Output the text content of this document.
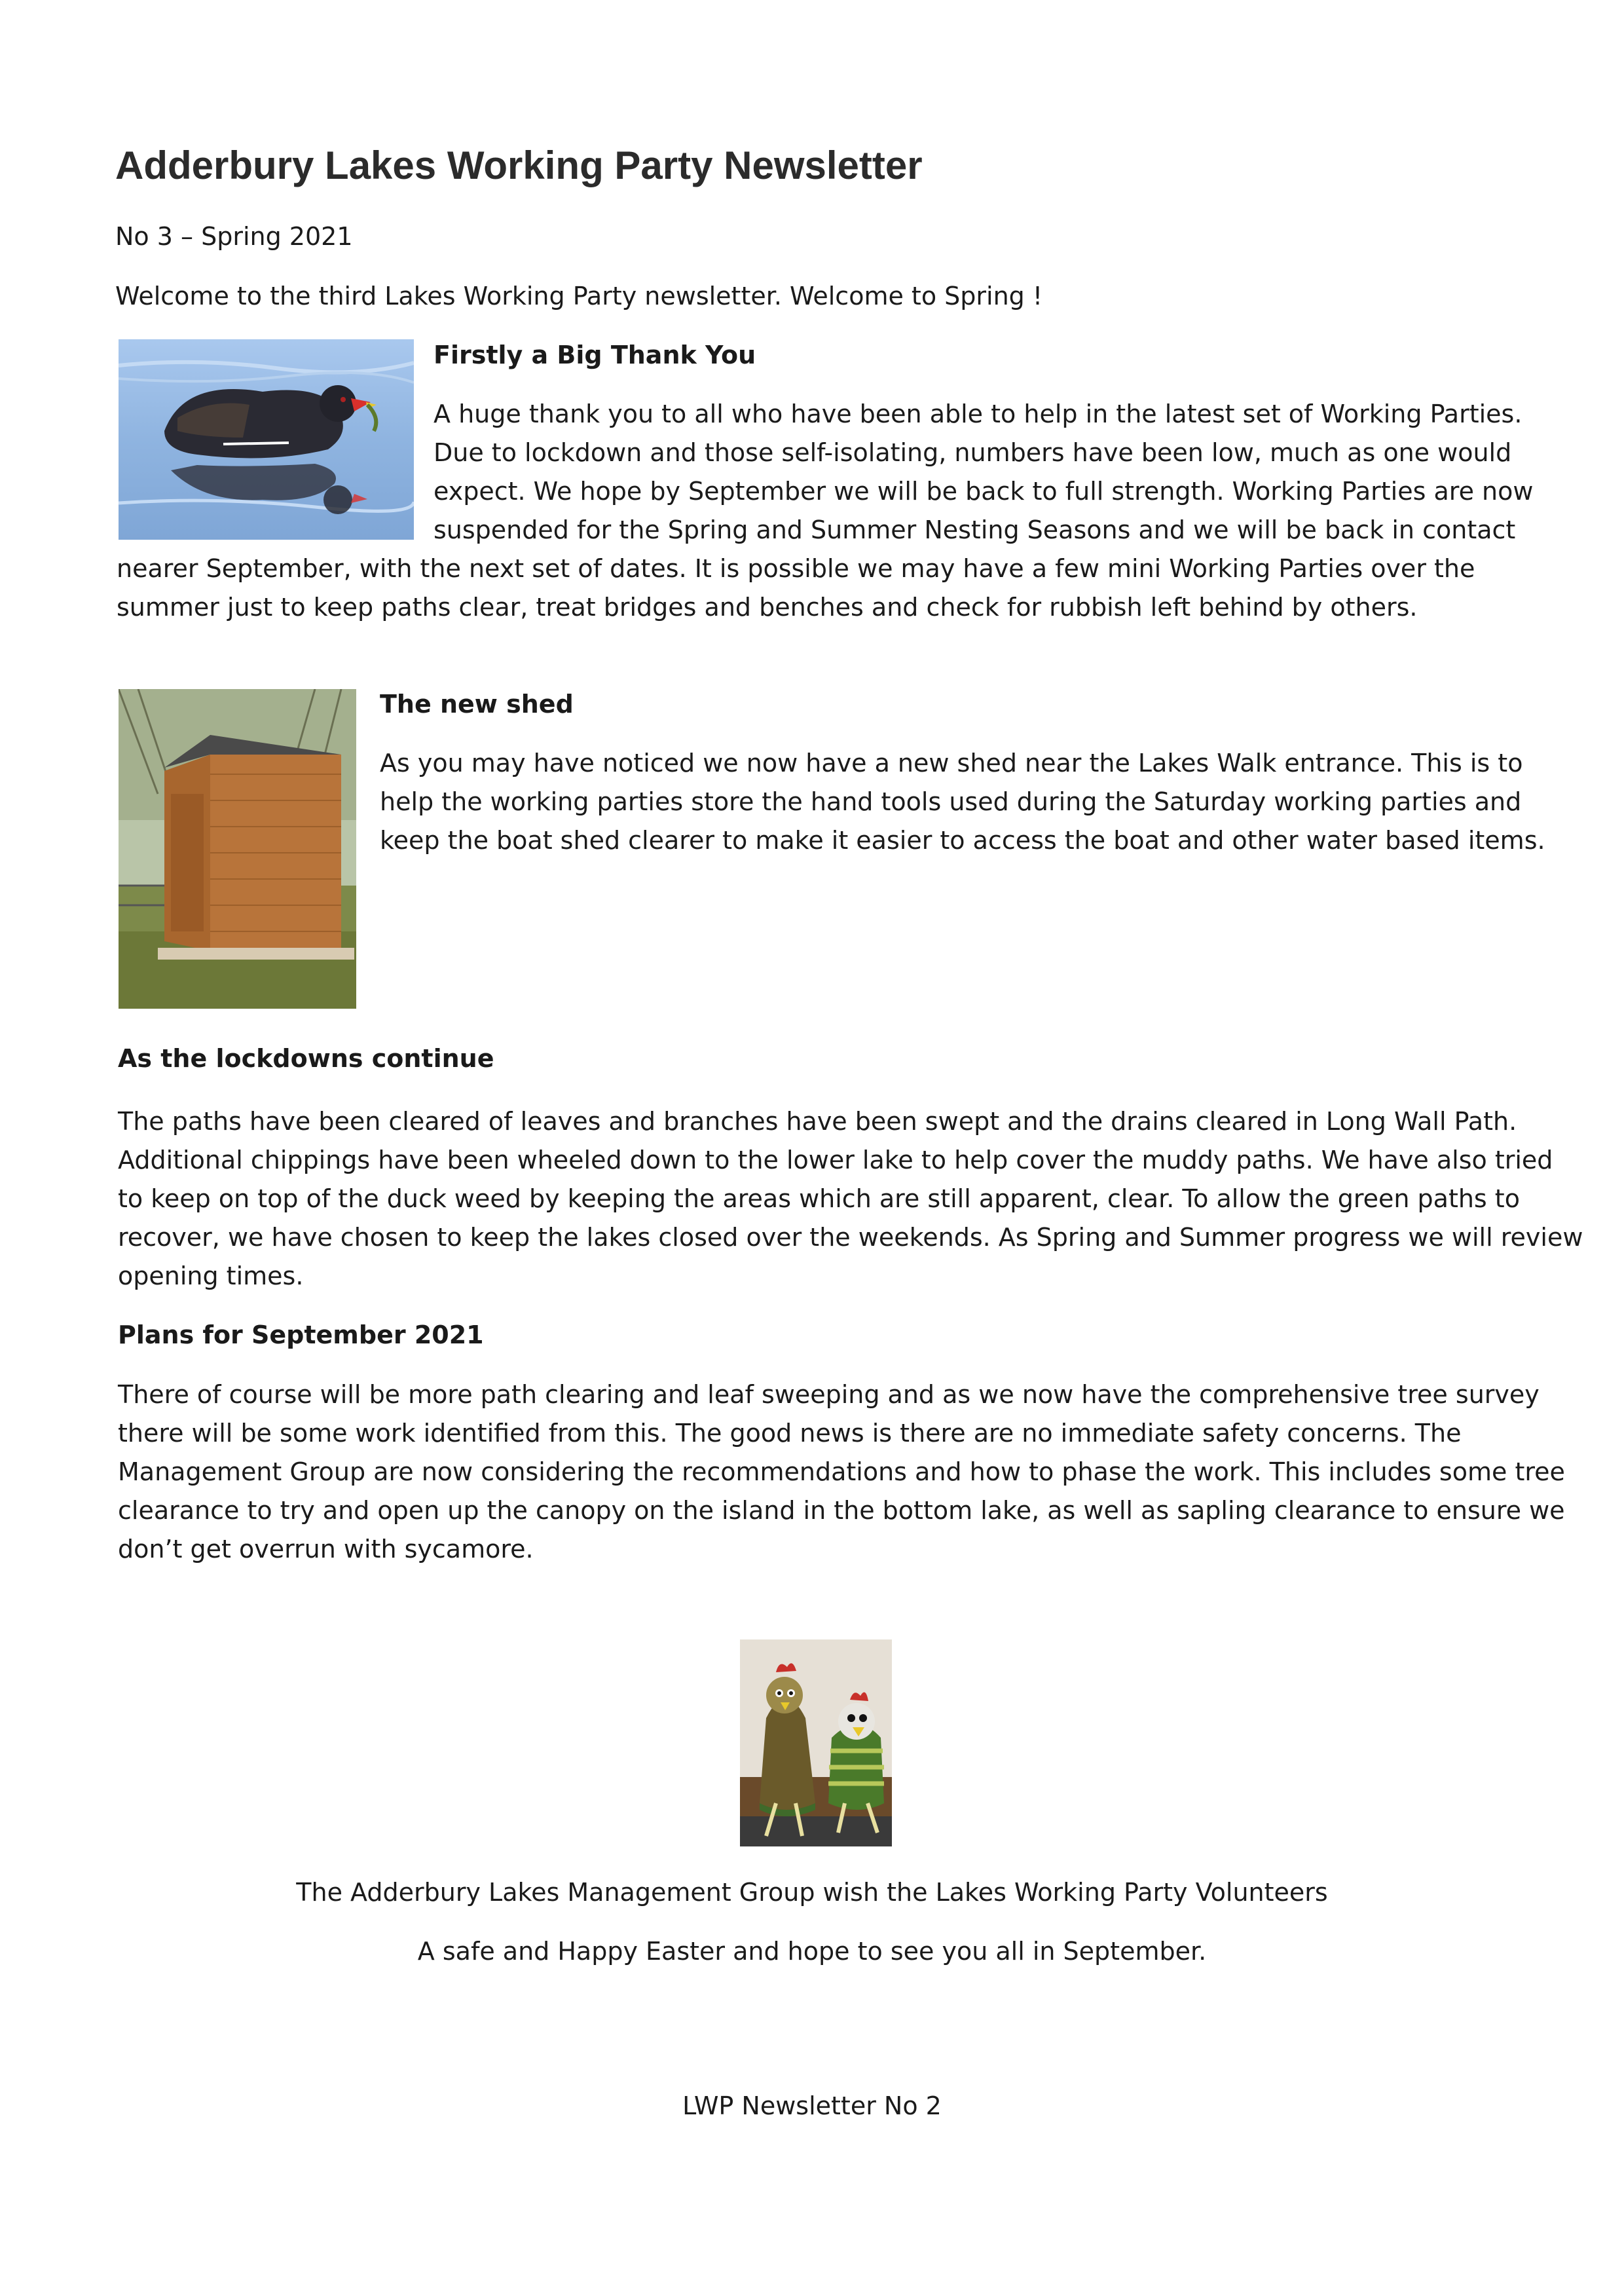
Adderbury Lakes Working Party Newsletter

No 3 – Spring 2021

Welcome to the third Lakes Working Party newsletter. Welcome to Spring !

Firstly a Big Thank You
A huge thank you to all who have been able to help in the latest set of Working Parties.
Due to lockdown and those self-isolating, numbers have been low, much as one would
expect. We hope by September we will be back to full strength. Working Parties are now
suspended for the Spring and Summer Nesting Seasons and we will be back in contact
nearer September, with the next set of dates. It is possible we may have a few mini Working Parties over the
summer just to keep paths clear, treat bridges and benches and check for rubbish left behind by others.
The new shed
As you may have noticed we now have a new shed near the Lakes Walk entrance. This is to
help the working parties store the hand tools used during the Saturday working parties and
keep the boat shed clearer to make it easier to access the boat and other water based items.
As the lockdowns continue
The paths have been cleared of leaves and branches have been swept and the drains cleared in Long Wall Path.
Additional chippings have been wheeled down to the lower lake to help cover the muddy paths. We have also tried
to keep on top of the duck weed by keeping the areas which are still apparent, clear. To allow the green paths to
recover, we have chosen to keep the lakes closed over the weekends. As Spring and Summer progress we will review
opening times.
Plans for September 2021
There of course will be more path clearing and leaf sweeping and as we now have the comprehensive tree survey
there will be some work identified from this. The good news is there are no immediate safety concerns. The
Management Group are now considering the recommendations and how to phase the work. This includes some tree
clearance to try and open up the canopy on the island in the bottom lake, as well as sapling clearance to ensure we
don’t get overrun with sycamore.

The Adderbury Lakes Management Group wish the Lakes Working Party Volunteers

A safe and Happy Easter and hope to see you all in September.

LWP Newsletter No 2
